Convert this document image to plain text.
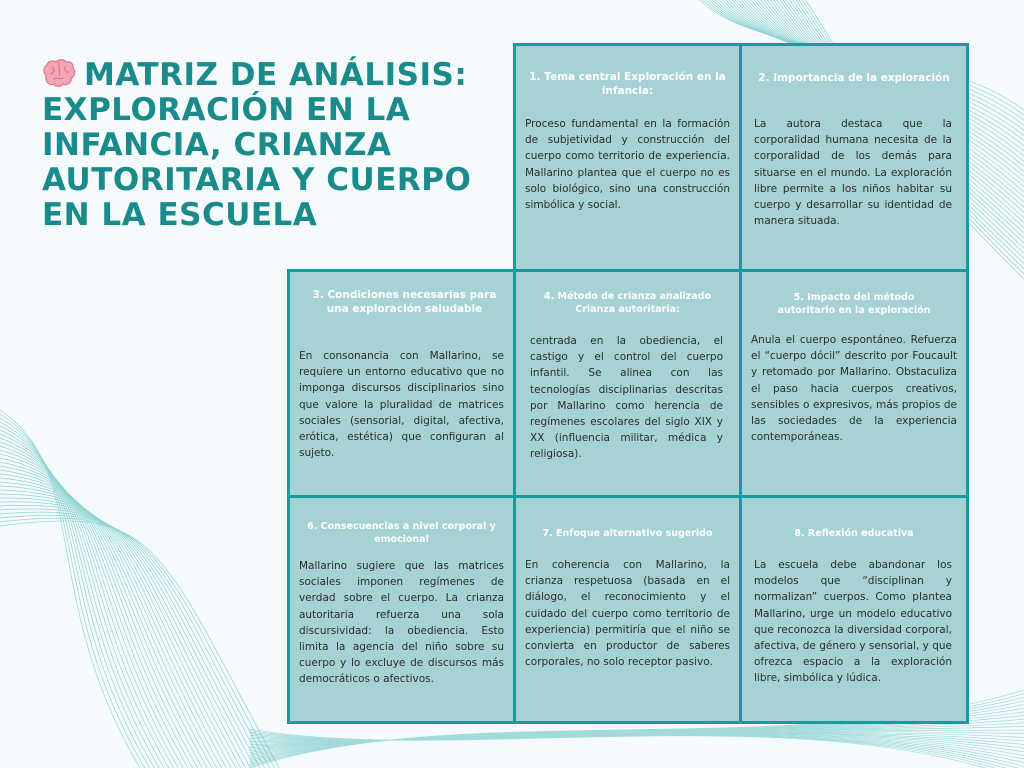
MATRIZ DE ANÁLISIS: EXPLORACIÓN EN LA INFANCIA, CRIANZA AUTORITARIA Y CUERPO EN LA ESCUELA
1. Tema central Exploración en la infancia:
Proceso fundamental en la formación de subjetividad y construcción del cuerpo como territorio de experiencia. Mallarino plantea que el cuerpo no es solo biológico, sino una construcción simbólica y social.
2. Importancia de la exploración
La autora destaca que la corporalidad humana necesita de la corporalidad de los demás para situarse en el mundo. La exploración libre permite a los niños habitar su cuerpo y desarrollar su identidad de manera situada.
3. Condiciones necesarias para una exploración saludable
En consonancia con Mallarino, se requiere un entorno educativo que no imponga discursos disciplinarios sino que valore la pluralidad de matrices sociales (sensorial, digital, afectiva, erótica, estética) que configuran al sujeto.
4. Método de crianza analizado Crianza autoritaria:
centrada en la obediencia, el castigo y el control del cuerpo infantil. Se alinea con las tecnologías disciplinarias descritas por Mallarino como herencia de regímenes escolares del siglo XIX y XX (influencia militar, médica y religiosa).
5. Impacto del método autoritario en la exploración
Anula el cuerpo espontáneo. Refuerza el “cuerpo dócil” descrito por Foucault y retomado por Mallarino. Obstaculiza el paso hacia cuerpos creativos, sensibles o expresivos, más propios de las sociedades de la experiencia contemporáneas.
6. Consecuencias a nivel corporal y emocional
Mallarino sugiere que las matrices sociales imponen regímenes de verdad sobre el cuerpo. La crianza autoritaria refuerza una sola discursividad: la obediencia. Esto limita la agencia del niño sobre su cuerpo y lo excluye de discursos más democráticos o afectivos.
7. Enfoque alternativo sugerido
En coherencia con Mallarino, la crianza respetuosa (basada en el diálogo, el reconocimiento y el cuidado del cuerpo como territorio de experiencia) permitiría que el niño se convierta en productor de saberes corporales, no solo receptor pasivo.
8. Reflexión educativa
La escuela debe abandonar los modelos que “disciplinan y normalizan” cuerpos. Como plantea Mallarino, urge un modelo educativo que reconozca la diversidad corporal, afectiva, de género y sensorial, y que ofrezca espacio a la exploración libre, simbólica y lúdica.
